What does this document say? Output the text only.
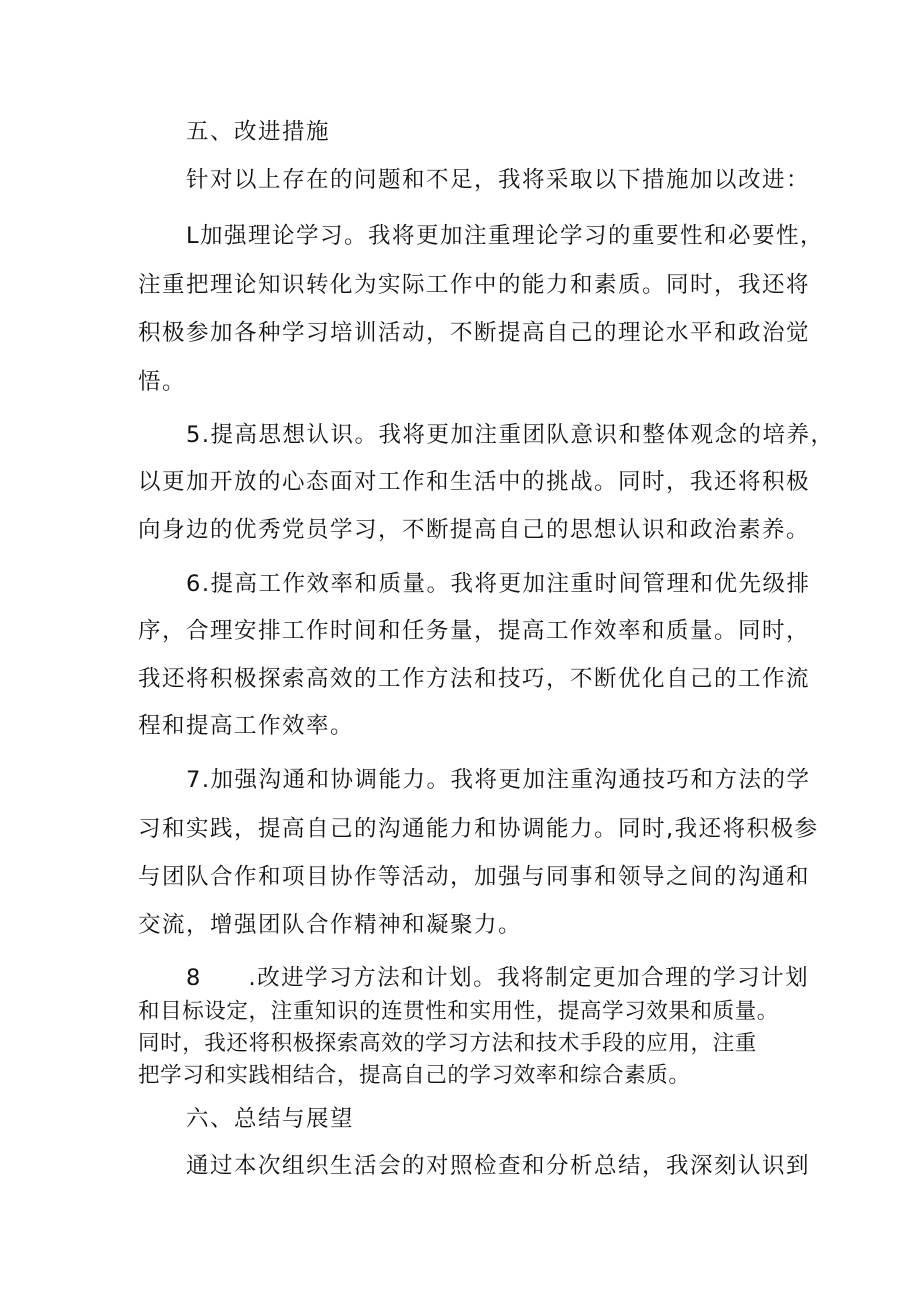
五、改进措施

针对以上存在的问题和不足，我将采取以下措施加以改进：

L加强理论学习。我将更加注重理论学习的重要性和必要性，

注重把理论知识转化为实际工作中的能力和素质。同时，我还将

积极参加各种学习培训活动，不断提高自己的理论水平和政治觉

悟。

5.提高思想认识。我将更加注重团队意识和整体观念的培养，

以更加开放的心态面对工作和生活中的挑战。同时，我还将积极

向身边的优秀党员学习，不断提高自己的思想认识和政治素养。

6.提高工作效率和质量。我将更加注重时间管理和优先级排

序，合理安排工作时间和任务量，提高工作效率和质量。同时，

我还将积极探索高效的工作方法和技巧，不断优化自己的工作流

程和提高工作效率。

7.加强沟通和协调能力。我将更加注重沟通技巧和方法的学

习和实践，提高自己的沟通能力和协调能力。同时,我还将积极参

与团队合作和项目协作等活动，加强与同事和领导之间的沟通和

交流，增强团队合作精神和凝聚力。

8 .改进学习方法和计划。我将制定更加合理的学习计划

和目标设定，注重知识的连贯性和实用性，提高学习效果和质量。

同时，我还将积极探索高效的学习方法和技术手段的应用，注重

把学习和实践相结合，提高自己的学习效率和综合素质。

六、总结与展望

通过本次组织生活会的对照检查和分析总结，我深刻认识到
